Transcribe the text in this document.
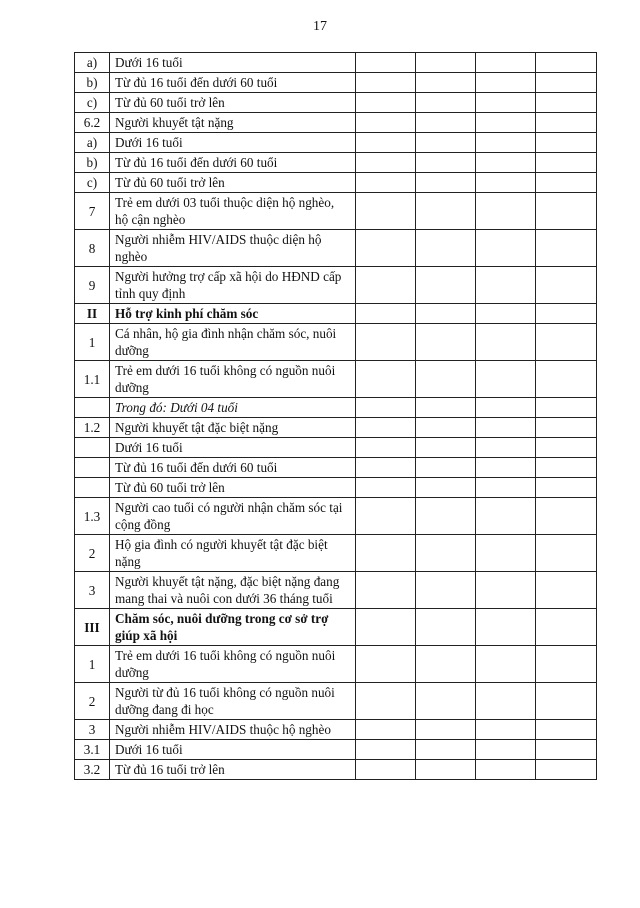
17
a)	Dưới 16 tuổi				
b)	Từ đủ 16 tuổi đến dưới 60 tuổi				
c)	Từ đủ 60 tuổi trở lên				
6.2	Người khuyết tật nặng				
a)	Dưới 16 tuổi				
b)	Từ đủ 16 tuổi đến dưới 60 tuổi				
c)	Từ đủ 60 tuổi trở lên				
7	Trẻ em dưới 03 tuổi thuộc diện hộ nghèo, hộ cận nghèo				
8	Người nhiễm HIV/AIDS thuộc diện hộ nghèo				
9	Người hưởng trợ cấp xã hội do HĐND cấp tỉnh quy định				
II	Hỗ trợ kinh phí chăm sóc				
1	Cá nhân, hộ gia đình nhận chăm sóc, nuôi dưỡng				
1.1	Trẻ em dưới 16 tuổi không có nguồn nuôi dưỡng				
	Trong đó: Dưới 04 tuổi				
1.2	Người khuyết tật đặc biệt nặng				
	Dưới 16 tuổi				
	Từ đủ 16 tuổi đến dưới 60 tuổi				
	Từ đủ 60 tuổi trở lên				
1.3	Người cao tuổi có người nhận chăm sóc tại cộng đồng				
2	Hộ gia đình có người khuyết tật đặc biệt nặng				
3	Người khuyết tật nặng, đặc biệt nặng đang mang thai và nuôi con dưới 36 tháng tuổi				
III	Chăm sóc, nuôi dưỡng trong cơ sở trợ giúp xã hội				
1	Trẻ em dưới 16 tuổi không có nguồn nuôi dưỡng				
2	Người từ đủ 16 tuổi không có nguồn nuôi dưỡng đang đi học				
3	Người nhiễm HIV/AIDS thuộc hộ nghèo				
3.1	Dưới 16 tuổi				
3.2	Từ đủ 16 tuổi trở lên				
